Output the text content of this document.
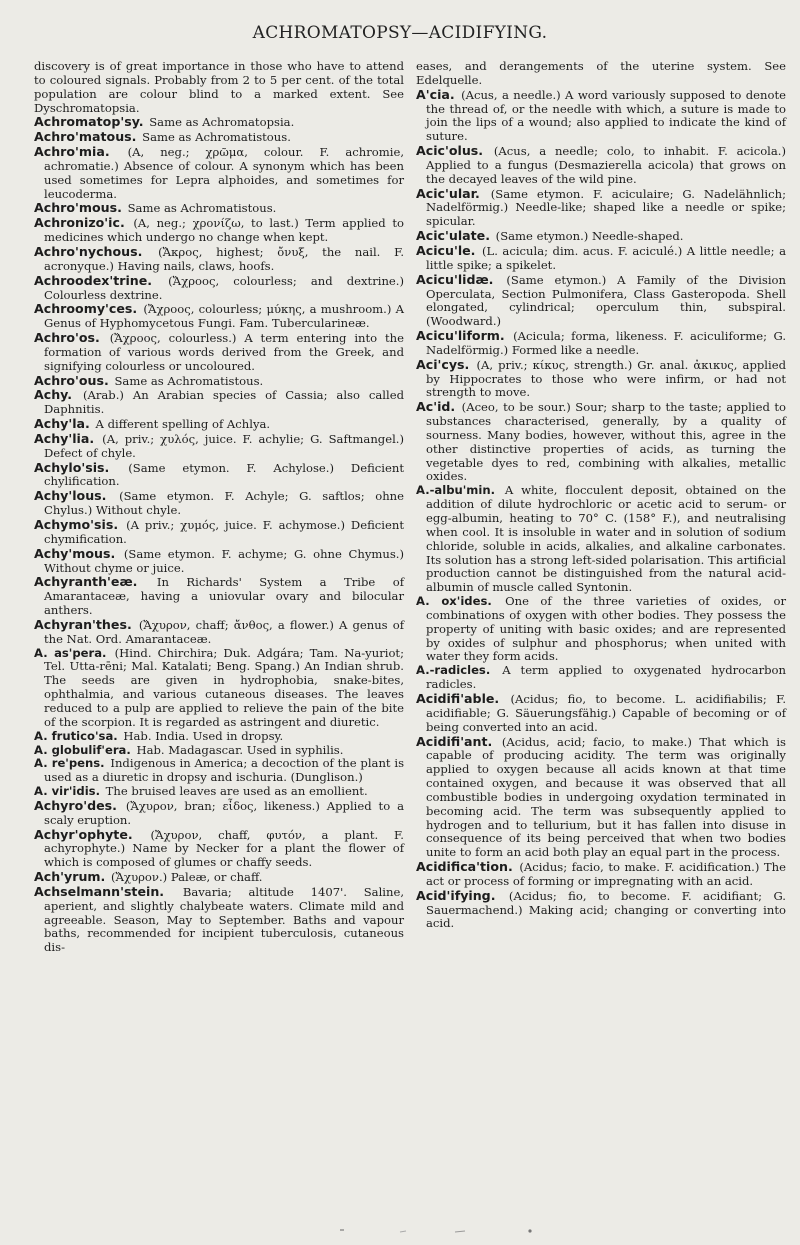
ACHROMATOPSY—ACIDIFYING.

discovery is of great importance in those who have to attend to coloured signals. Probably from 2 to 5 per cent. of the total population are colour blind to a marked extent. See Dyschromatopsia.

Achromatop'sy. Same as Achromatopsia.

Achro'matous. Same as Achromatistous.

Achro'mia. (A, neg.; χρῶμα, colour. F. achromie, achromatie.) Absence of colour. A synonym which has been used sometimes for Lepra alphoides, and sometimes for leucoderma.

Achro'mous. Same as Achromatistous.

Achronizo'ic. (A, neg.; χρονίζω, to last.) Term applied to medicines which undergo no change when kept.

Achro'nychous. (Ἄκρος, highest; ὄνυξ, the nail. F. acronyque.) Having nails, claws, hoofs.

Achroodex'trine. (Ἄχροος, colourless; and dextrine.) Colourless dextrine.

Achroomy'ces. (Ἄχροος, colourless; μύκης, a mushroom.) A Genus of Hyphomycetous Fungi. Fam. Tubercularineæ.

Achro'os. (Ἄχροος, colourless.) A term entering into the formation of various words derived from the Greek, and signifying colourless or uncoloured.

Achro'ous. Same as Achromatistous.

Achy. (Arab.) An Arabian species of Cassia; also called Daphnitis.

Achy'la. A different spelling of Achlya.

Achy'lia. (A, priv.; χυλός, juice. F. achylie; G. Saftmangel.) Defect of chyle.

Achylo'sis. (Same etymon. F. Achylose.) Deficient chylification.

Achy'lous. (Same etymon. F. Achyle; G. saftlos; ohne Chylus.) Without chyle.

Achymo'sis. (A priv.; χυμός, juice. F. achymose.) Deficient chymification.

Achy'mous. (Same etymon. F. achyme; G. ohne Chymus.) Without chyme or juice.

Achyranth'eæ. In Richards' System a Tribe of Amarantaceæ, having a uniovular ovary and bilocular anthers.

Achyran'thes. (Ἄχυρον, chaff; ἄνθος, a flower.) A genus of the Nat. Ord. Amarantaceæ.

A. as'pera. (Hind. Chirchira; Duk. Adgára; Tam. Na-yuriot; Tel. Utta-rēni; Mal. Katalati; Beng. Spang.) An Indian shrub. The seeds are given in hydrophobia, snake-bites, ophthalmia, and various cutaneous diseases. The leaves reduced to a pulp are applied to relieve the pain of the bite of the scorpion. It is regarded as astringent and diuretic.

A. frutico'sa. Hab. India. Used in dropsy.

A. globulif'era. Hab. Madagascar. Used in syphilis.

A. re'pens. Indigenous in America; a decoction of the plant is used as a diuretic in dropsy and ischuria. (Dunglison.)

A. vir'idis. The bruised leaves are used as an emollient.

Achyro'des. (Ἄχυρον, bran; εἶδος, likeness.) Applied to a scaly eruption.

Achyr'ophyte. (Ἄχυρον, chaff, φυτόν, a plant. F. achyrophyte.) Name by Necker for a plant the flower of which is composed of glumes or chaffy seeds.

Ach'yrum. (Ἄχυρον.) Paleæ, or chaff.

Achselmann'stein. Bavaria; altitude 1407'. Saline, aperient, and slightly chalybeate waters. Climate mild and agreeable. Season, May to September. Baths and vapour baths, recommended for incipient tuberculosis, cutaneous dis-

eases, and derangements of the uterine system. See Edelquelle.

A'cia. (Acus, a needle.) A word variously supposed to denote the thread of, or the needle with which, a suture is made to join the lips of a wound; also applied to indicate the kind of suture.

Acic'olus. (Acus, a needle; colo, to inhabit. F. acicola.) Applied to a fungus (Desmazierella acicola) that grows on the decayed leaves of the wild pine.

Acic'ular. (Same etymon. F. aciculaire; G. Nadelähnlich; Nadelförmig.) Needle-like; shaped like a needle or spike; spicular.

Acic'ulate. (Same etymon.) Needle-shaped.

Acicu'le. (L. acicula; dim. acus. F. aciculé.) A little needle; a little spike; a spikelet.

Acicu'lidæ. (Same etymon.) A Family of the Division Operculata, Section Pulmonifera, Class Gasteropoda. Shell elongated, cylindrical; operculum thin, subspiral. (Woodward.)

Acicu'liform. (Acicula; forma, likeness. F. aciculiforme; G. Nadelförmig.) Formed like a needle.

Aci'cys. (A, priv.; κίκυς, strength.) Gr. anal. ἀκικυς, applied by Hippocrates to those who were infirm, or had not strength to move.

Ac'id. (Aceo, to be sour.) Sour; sharp to the taste; applied to substances characterised, generally, by a quality of sourness. Many bodies, however, without this, agree in the other distinctive properties of acids, as turning the vegetable dyes to red, combining with alkalies, metallic oxides.

A.-albu'min. A white, flocculent deposit, obtained on the addition of dilute hydrochloric or acetic acid to serum- or egg-albumin, heating to 70° C. (158° F.), and neutralising when cool. It is insoluble in water and in solution of sodium chloride, soluble in acids, alkalies, and alkaline carbonates. Its solution has a strong left-sided polarisation. This artificial production cannot be distinguished from the natural acid-albumin of muscle called Syntonin.

A. ox'ides. One of the three varieties of oxides, or combinations of oxygen with other bodies. They possess the property of uniting with basic oxides; and are represented by oxides of sulphur and phosphorus; when united with water they form acids.

A.-radicles. A term applied to oxygenated hydrocarbon radicles.

Acidifi'able. (Acidus; fio, to become. L. acidifiabilis; F. acidifiable; G. Säuerungsfähig.) Capable of becoming or of being converted into an acid.

Acidifi'ant. (Acidus, acid; facio, to make.) That which is capable of producing acidity. The term was originally applied to oxygen because all acids known at that time contained oxygen, and because it was observed that all combustible bodies in undergoing oxydation terminated in becoming acid. The term was subsequently applied to hydrogen and to tellurium, but it has fallen into disuse in consequence of its being perceived that when two bodies unite to form an acid both play an equal part in the process.

Acidifica'tion. (Acidus; facio, to make. F. acidification.) The act or process of forming or impregnating with an acid.

Acid'ifying. (Acidus; fio, to become. F. acidifiant; G. Sauermachend.) Making acid; changing or converting into acid.
